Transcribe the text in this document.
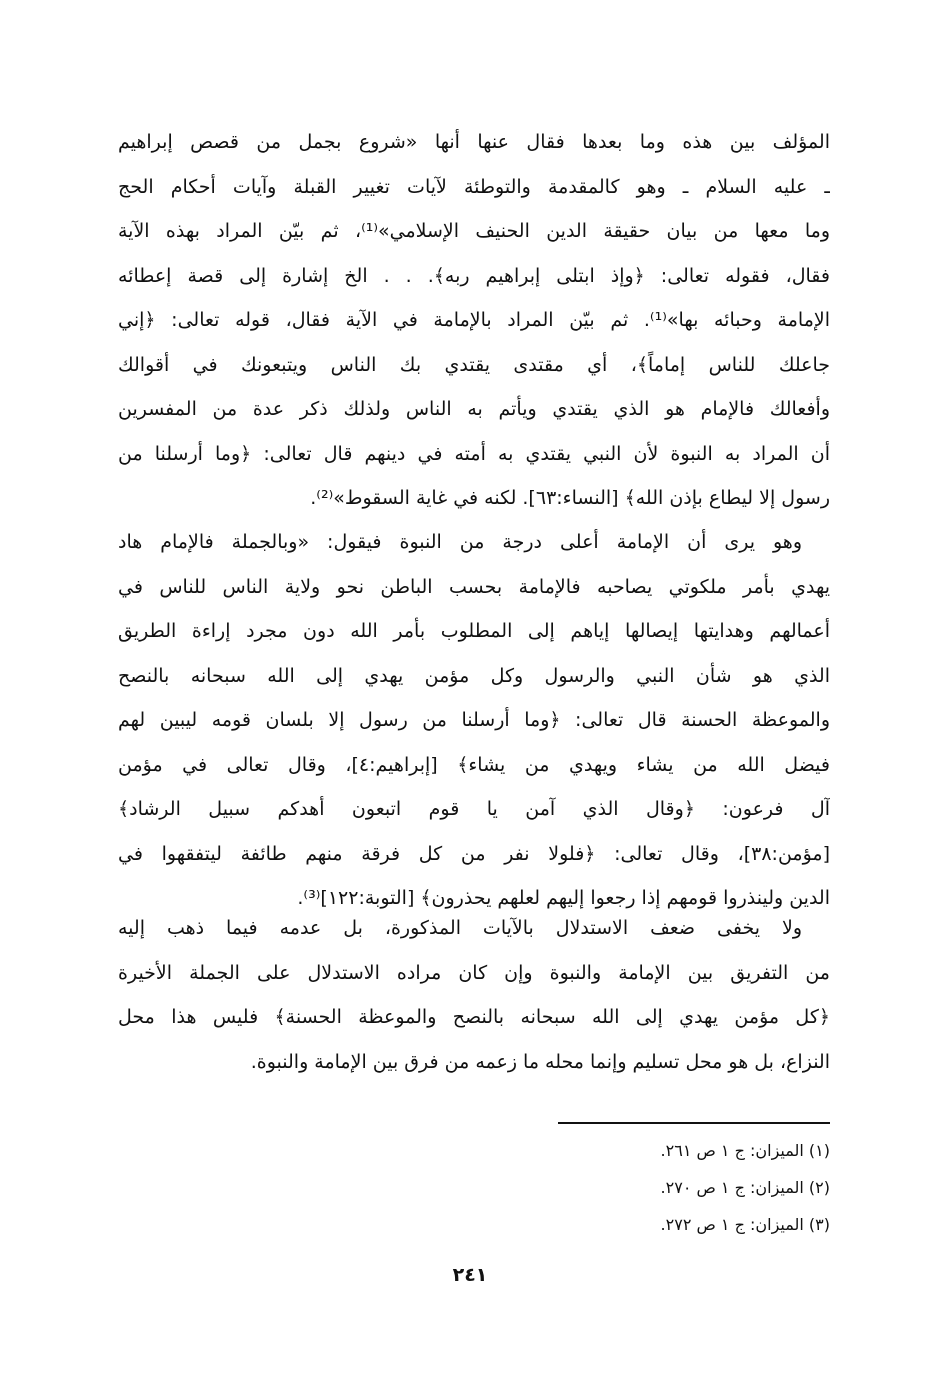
المؤلف بين هذه وما بعدها فقال عنها أنها «شروع بجمل من قصص إبراهيم
ـ عليه السلام ـ وهو كالمقدمة والتوطئة لآيات تغيير القبلة وآيات أحكام الحج
وما معها من بيان حقيقة الدين الحنيف الإسلامي»⁽¹⁾، ثم بيّن المراد بهذه الآية
فقال، فقوله تعالى: ﴿وإذ ابتلى إبراهيم ربه﴾. . . الخ إشارة إلى قصة إعطائه
الإمامة وحبائه بها»⁽¹⁾. ثم بيّن المراد بالإمامة في الآية فقال، قوله تعالى: ﴿إني
جاعلك للناس إماماً﴾، أي مقتدى يقتدي بك الناس ويتبعونك في أقوالك
وأفعالك فالإمام هو الذي يقتدي ويأتم به الناس ولذلك ذكر عدة من المفسرين
أن المراد به النبوة لأن النبي يقتدي به أمته في دينهم قال تعالى: ﴿وما أرسلنا من
رسول إلا ليطاع بإذن الله﴾ [النساء:٦٣]. لكنه في غاية السقوط»⁽²⁾.
وهو يرى أن الإمامة أعلى درجة من النبوة فيقول: «وبالجملة فالإمام هاد
يهدي بأمر ملكوتي يصاحبه فالإمامة بحسب الباطن نحو ولاية الناس للناس في
أعمالهم وهدايتها إيصالها إياهم إلى المطلوب بأمر الله دون مجرد إراءة الطريق
الذي هو شأن النبي والرسول وكل مؤمن يهدي إلى الله سبحانه بالنصح
والموعظة الحسنة قال تعالى: ﴿وما أرسلنا من رسول إلا بلسان قومه ليبين لهم
فيضل الله من يشاء ويهدي من يشاء﴾ [إبراهيم:٤]، وقال تعالى في مؤمن
آل فرعون: ﴿وقال الذي آمن يا قوم اتبعون أهدكم سبيل الرشاد﴾
[مؤمن:٣٨]، وقال تعالى: ﴿فلولا نفر من كل فرقة منهم طائفة ليتفقهوا في
الدين ولينذروا قومهم إذا رجعوا إليهم لعلهم يحذرون﴾ [التوبة:١٢٢]⁽³⁾.
ولا يخفى ضعف الاستدلال بالآيات المذكورة، بل عدمه فيما ذهب إليه
من التفريق بين الإمامة والنبوة وإن كان مراده الاستدلال على الجملة الأخيرة
﴿كل مؤمن يهدي إلى الله سبحانه بالنصح والموعظة الحسنة﴾ فليس هذا محل
النزاع، بل هو محل تسليم وإنما محله ما زعمه من فرق بين الإمامة والنبوة.
(١) الميزان: ج ١ ص ٢٦١.
(٢) الميزان: ج ١ ص ٢٧٠.
(٣) الميزان: ج ١ ص ٢٧٢.
٢٤١
